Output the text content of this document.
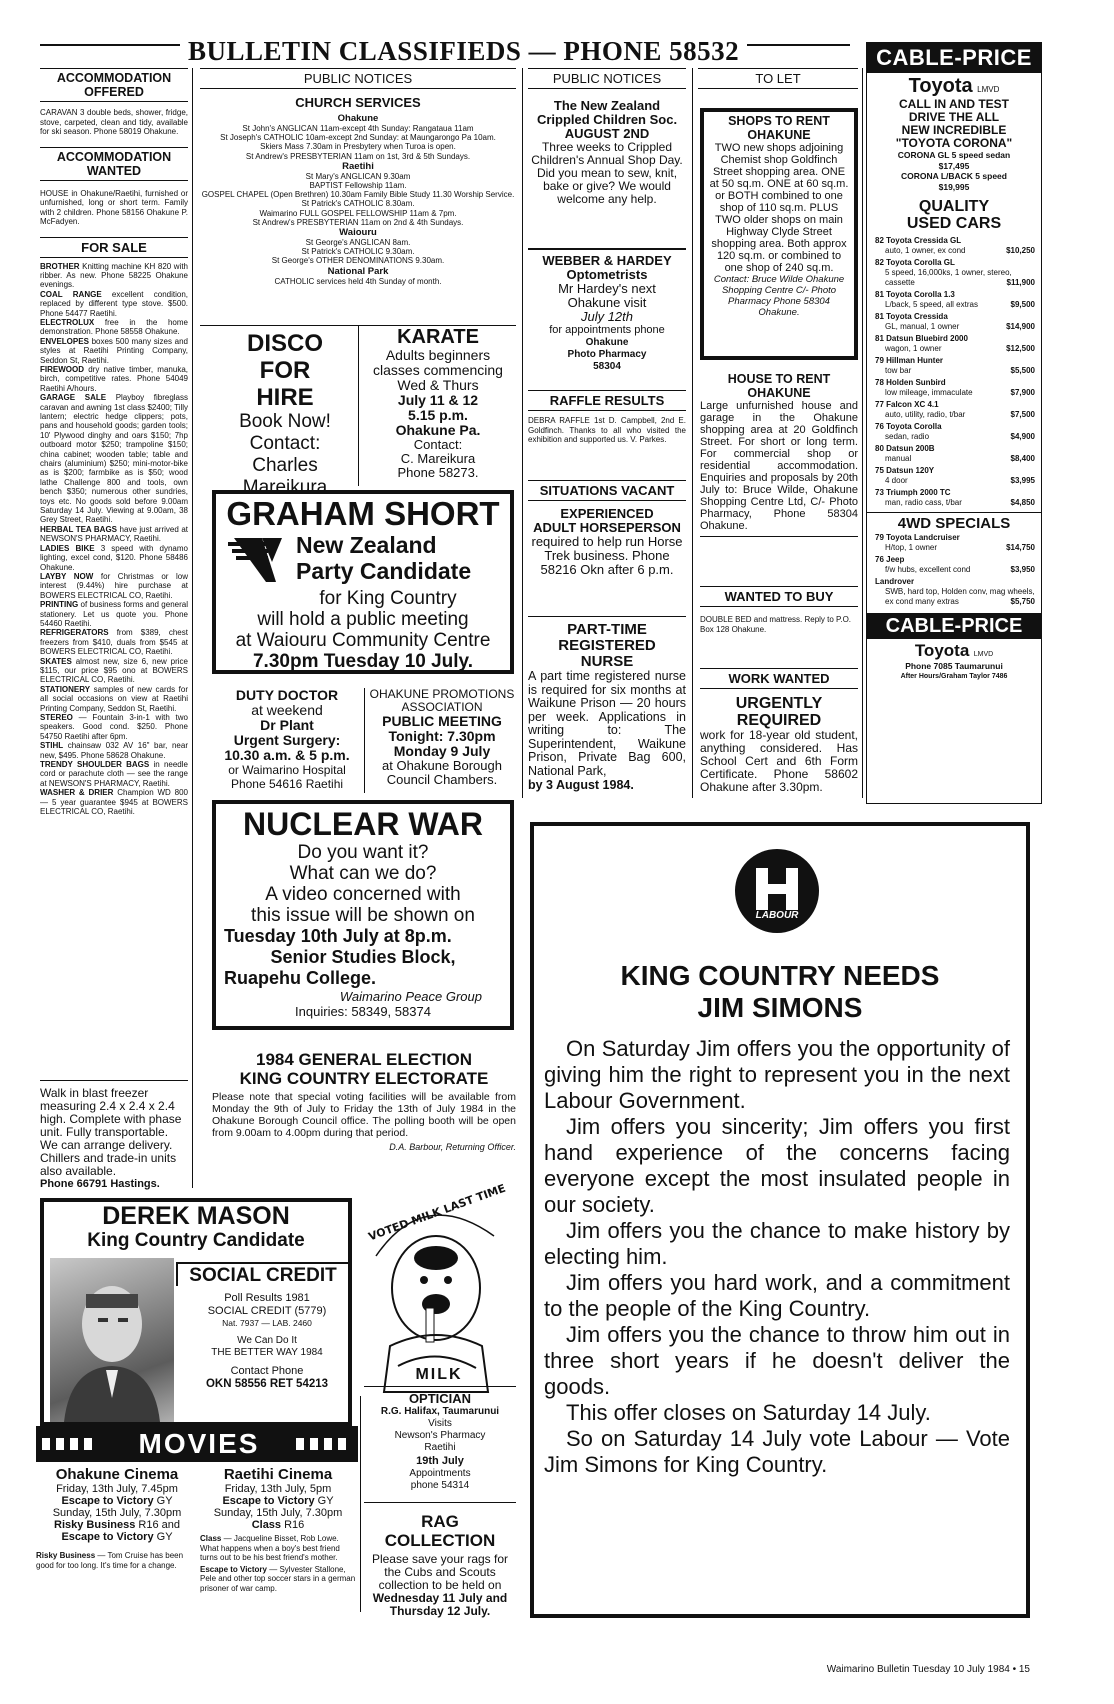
BULLETIN CLASSIFIEDS — PHONE 58532
ACCOMMODATION OFFERED
CARAVAN 3 double beds, shower, fridge, stove, carpeted, clean and tidy, available for ski season. Phone 58019 Ohakune.
ACCOMMODATION WANTED
HOUSE in Ohakune/Raetihi, furnished or unfurnished, long or short term. Family with 2 children. Phone 58156 Ohakune P. McFadyen.
FOR SALE
BROTHER Knitting machine KH 820 with ribber. As new. Phone 58225 Ohakune evenings.
COAL RANGE excellent condition, replaced by different type stove. $500. Phone 54477 Raetihi.
ELECTROLUX free in the home demonstration. Phone 58558 Ohakune.
ENVELOPES boxes 500 many sizes and styles at Raetihi Printing Company, Seddon St, Raetihi.
FIREWOOD dry native timber, manuka, birch, competitive rates. Phone 54049 Raetihi A/hours.
GARAGE SALE Playboy fibreglass caravan and awning 1st class $2400; Tilly lantern; electric hedge clippers; pots, pans and household goods; garden tools; 10' Plywood dinghy and oars $150; 7hp outboard motor $250; trampoline $150; china cabinet; wooden table; table and chairs (aluminium) $250; mini-motor-bike as is $200; farmbike as is $50; wood lathe Challenge 800 and tools, own bench $350; numerous other sundries, toys etc. No goods sold before 9.00am Saturday 14 July. Viewing at 9.00am, 38 Grey Street, Raetihi.
HERBAL TEA BAGS have just arrived at NEWSON'S PHARMACY, Raetihi.
LADIES BIKE 3 speed with dynamo lighting, excel cond, $120. Phone 58486 Ohakune.
LAYBY NOW for Christmas or low interest (9.44%) hire purchase at BOWERS ELECTRICAL CO, Raetihi.
PRINTING of business forms and general stationery. Let us quote you. Phone 54460 Raetihi.
REFRIGERATORS from $389, chest freezers from $410, duals from $545 at BOWERS ELECTRICAL CO, Raetihi.
SKATES almost new, size 6, new price $115, our price $95 ono at BOWERS ELECTRICAL CO, Raetihi.
STATIONERY samples of new cards for all social occasions on view at Raetihi Printing Company, Seddon St, Raetihi.
STEREO — Fountain 3-in-1 with two speakers. Good cond. $250. Phone 54750 Raetihi after 6pm.
STIHL chainsaw 032 AV 16" bar, near new, $495. Phone 58628 Ohakune.
TRENDY SHOULDER BAGS in needle cord or parachute cloth — see the range at NEWSON'S PHARMACY, Raetihi.
WASHER & DRIER Champion WD 800 — 5 year guarantee $945 at BOWERS ELECTRICAL CO, Raetihi.
Walk in blast freezer measuring 2.4 x 2.4 x 2.4 high. Complete with phase unit. Fully transportable. We can arrange delivery. Chillers and trade-in units also available.
Phone 66791 Hastings.
PUBLIC NOTICES
CHURCH SERVICES
Ohakune
St John's ANGLICAN 11am-except 4th Sunday: Rangataua 11am
St Joseph's CATHOLIC 10am-except 2nd Sunday: at Maungarongo Pa 10am.
Skiers Mass 7.30am in Presbytery when Turoa is open.
St Andrew's PRESBYTERIAN 11am on 1st, 3rd & 5th Sundays.
Raetihi
St Mary's ANGLICAN 9.30am
BAPTIST Fellowship 11am.
GOSPEL CHAPEL (Open Brethren) 10.30am Family Bible Study 11.30 Worship Service.
St Patrick's CATHOLIC 8.30am.
Waimarino FULL GOSPEL FELLOWSHIP 11am & 7pm.
St Andrew's PRESBYTERIAN 11am on 2nd & 4th Sundays.
Waiouru
St George's ANGLICAN 8am.
St Patrick's CATHOLIC 9.30am.
St George's OTHER DENOMINATIONS 9.30am.
National Park
CATHOLIC services held 4th Sunday of month.
DISCO FOR HIRE
Book Now!
Contact:
Charles
Mareikura
KARATE
Adults beginners
classes commencing
Wed & Thurs
July 11 & 12
5.15 p.m.
Ohakune Pa.
Contact:
C. Mareikura
Phone 58273.
GRAHAM SHORT
New Zealand
Party Candidate
for King Country
will hold a public meeting
at Waiouru Community Centre
7.30pm Tuesday 10 July.
DUTY DOCTOR
at weekend
Dr Plant
Urgent Surgery:
10.30 a.m. & 5 p.m.
or Waimarino Hospital
Phone 54616 Raetihi
OHAKUNE PROMOTIONS ASSOCIATION
PUBLIC MEETING
Tonight: 7.30pm
Monday 9 July
at Ohakune Borough
Council Chambers.
NUCLEAR WAR
Do you want it?
What can we do?
A video concerned with
this issue will be shown on
Tuesday 10th July at 8p.m.
Senior Studies Block,
Ruapehu College.
Waimarino Peace Group
Inquiries: 58349, 58374
1984 GENERAL ELECTION
KING COUNTRY ELECTORATE
Please note that special voting facilities will be available from Monday the 9th of July to Friday the 13th of July 1984 in the Ohakune Borough Council office. The polling booth will be open from 9.00am to 4.00pm during that period.
D.A. Barbour, Returning Officer.
PUBLIC NOTICES
The New Zealand
Crippled Children Soc.
AUGUST 2ND
Three weeks to Crippled Children's Annual Shop Day. Did you mean to sew, knit, bake or give? We would welcome any help.
WEBBER & HARDEY
Optometrists
Mr Hardey's next
Ohakune visit
July 12th
for appointments phone
Ohakune
Photo Pharmacy
58304
RAFFLE RESULTS
DEBRA RAFFLE 1st D. Campbell, 2nd E. Goldfinch. Thanks to all who visited the exhibition and supported us. V. Parkes.
SITUATIONS VACANT
EXPERIENCED
ADULT HORSEPERSON
required to help run Horse Trek business. Phone 58216 Okn after 6 p.m.
PART-TIME
REGISTERED
NURSE
A part time registered nurse is required for six months at Waikune Prison — 20 hours per week. Applications in writing to: The Superintendent, Waikune Prison, Private Bag 600, National Park,
by 3 August 1984.
TO LET
SHOPS TO RENT
OHAKUNE
TWO new shops adjoining Chemist shop Goldfinch Street shopping area. ONE at 50 sq.m. ONE at 60 sq.m. or BOTH combined to one shop of 110 sq.m. PLUS TWO older shops on main Highway Clyde Street shopping area. Both approx 120 sq.m. or combined to one shop of 240 sq.m.
Contact: Bruce Wilde Ohakune Shopping Centre C/- Photo Pharmacy Phone 58304 Ohakune.
HOUSE TO RENT
OHAKUNE
Large unfurnished house and garage in the Ohakune shopping area at 20 Goldfinch Street. For short or long term. For commercial shop or residential accommodation. Enquiries and proposals by 20th July to: Bruce Wilde, Ohakune Shopping Centre Ltd, C/- Photo Pharmacy, Phone 58304 Ohakune.
WANTED TO BUY
DOUBLE BED and mattress. Reply to P.O. Box 128 Ohakune.
WORK WANTED
URGENTLY
REQUIRED
work for 18-year old student, anything considered. Has School Cert and 6th Form Certificate. Phone 58602 Ohakune after 3.30pm.
CABLE-PRICE
Toyota LMVD
CALL IN AND TEST
DRIVE THE ALL
NEW INCREDIBLE
"TOYOTA CORONA"
CORONA GL 5 speed sedan
$17,495
CORONA L/BACK 5 speed
$19,995
QUALITY
USED CARS
82 Toyota Cressida GL
auto, 1 owner, ex cond	$10,250
82 Toyota Corolla GL
5 speed, 16,000ks, 1 owner, stereo, cassette	$11,900
81 Toyota Corolla 1.3
L/back, 5 speed, all extras	$9,500
81 Toyota Cressida
GL, manual, 1 owner	$14,900
81 Datsun Bluebird 2000
wagon, 1 owner	$12,500
79 Hillman Hunter
tow bar	$5,500
78 Holden Sunbird
low mileage, immaculate	$7,900
77 Falcon XC 4.1
auto, utility, radio, t/bar	$7,500
76 Toyota Corolla
sedan, radio	$4,900
80 Datsun 200B
manual	$8,400
75 Datsun 120Y
4 door	$3,995
73 Triumph 2000 TC
man, radio cass, t/bar	$4,850
4WD SPECIALS
79 Toyota Landcruiser
H/top, 1 owner	$14,750
76 Jeep
f/w hubs, excellent cond	$3,950
Landrover
SWB, hard top, Holden conv, mag wheels, ex cond many extras	$5,750
CABLE-PRICE
Toyota LMVD
Phone 7085 Taumarunui
After Hours/Graham Taylor 7486
DEREK MASON
King Country Candidate
SOCIAL CREDIT
Poll Results 1981
SOCIAL CREDIT (5779)
Nat. 7937 — LAB. 2460
We Can Do It
THE BETTER WAY 1984
Contact Phone
OKN 58556 RET 54213
VOTED MILK LAST TIME
MILK
MOVIES
Ohakune Cinema
Friday, 13th July, 7.45pm
Escape to Victory GY
Sunday, 15th July, 7.30pm
Risky Business R16 and
Escape to Victory GY
Risky Business — Tom Cruise has been good for too long. It's time for a change.
Raetihi Cinema
Friday, 13th July, 5pm
Escape to Victory GY
Sunday, 15th July, 7.30pm
Class R16
Class — Jacqueline Bisset, Rob Lowe. What happens when a boy's best friend turns out to be his best friend's mother.
Escape to Victory — Sylvester Stallone, Pele and other top soccer stars in a german prisoner of war camp.
OPTICIAN
R.G. Halifax, Taumarunui
Visits
Newson's Pharmacy
Raetihi
19th July
Appointments
phone 54314
RAG
COLLECTION
Please save your rags for the Cubs and Scouts collection to be held on
Wednesday 11 July and Thursday 12 July.
LABOUR
KING COUNTRY NEEDS
JIM SIMONS

On Saturday Jim offers you the opportunity of giving him the right to represent you in the next Labour Government.

Jim offers you sincerity; Jim offers you first hand experience of the concerns facing everyone except the most insulated people in our society.

Jim offers you the chance to make history by electing him.

Jim offers you hard work, and a commitment to the people of the King Country.

Jim offers you the chance to throw him out in three short years if he doesn't deliver the goods.

This offer closes on Saturday 14 July.

So on Saturday 14 July vote Labour — Vote Jim Simons for King Country.

Waimarino Bulletin Tuesday 10 July 1984 • 15
